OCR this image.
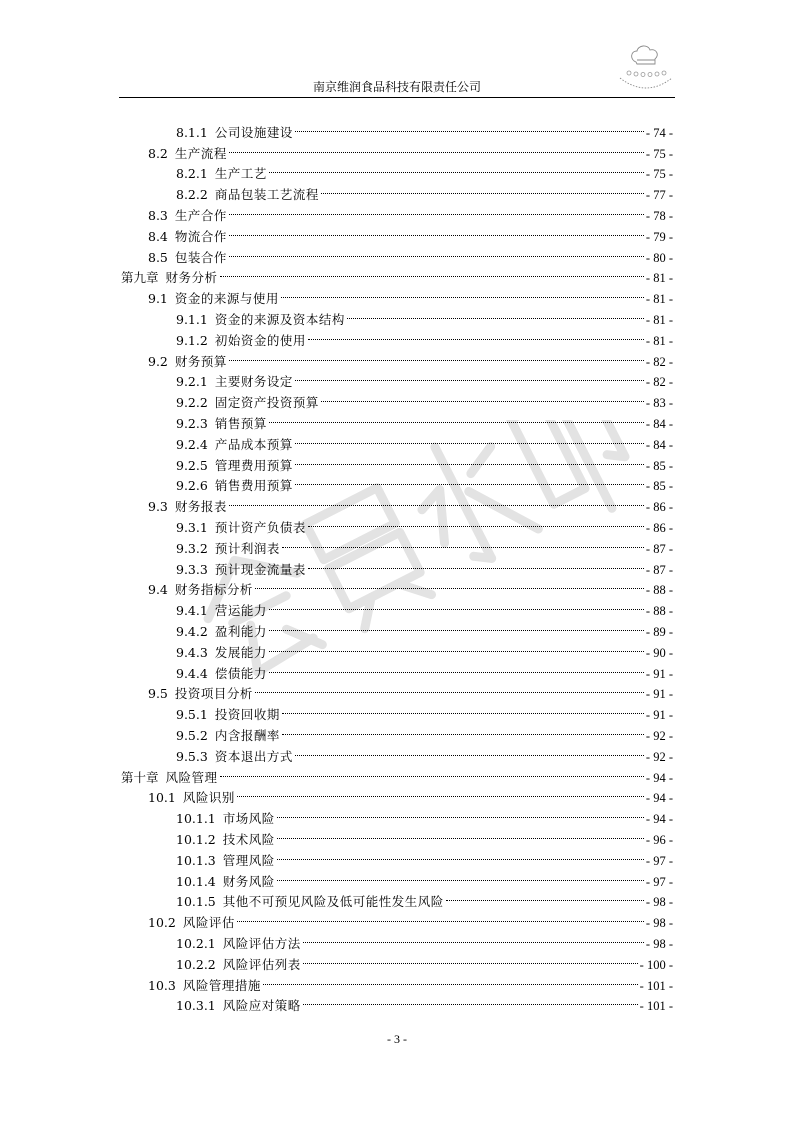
南京维润食品科技有限责任公司
8.1.1 公司设施建设	- 74 -
8.2 生产流程	- 75 -
8.2.1 生产工艺	- 75 -
8.2.2 商品包装工艺流程	- 77 -
8.3 生产合作	- 78 -
8.4 物流合作	- 79 -
8.5 包装合作	- 80 -
第九章 财务分析	- 81 -
9.1 资金的来源与使用	- 81 -
9.1.1 资金的来源及资本结构	- 81 -
9.1.2 初始资金的使用	- 81 -
9.2 财务预算	- 82 -
9.2.1 主要财务设定	- 82 -
9.2.2 固定资产投资预算	- 83 -
9.2.3 销售预算	- 84 -
9.2.4 产品成本预算	- 84 -
9.2.5 管理费用预算	- 85 -
9.2.6 销售费用预算	- 85 -
9.3 财务报表	- 86 -
9.3.1 预计资产负债表	- 86 -
9.3.2 预计利润表	- 87 -
9.3.3 预计现金流量表	- 87 -
9.4 财务指标分析	- 88 -
9.4.1 营运能力	- 88 -
9.4.2 盈利能力	- 89 -
9.4.3 发展能力	- 90 -
9.4.4 偿债能力	- 91 -
9.5 投资项目分析	- 91 -
9.5.1 投资回收期	- 91 -
9.5.2 内含报酬率	- 92 -
9.5.3 资本退出方式	- 92 -
第十章 风险管理	- 94 -
10.1 风险识别	- 94 -
10.1.1 市场风险	- 94 -
10.1.2 技术风险	- 96 -
10.1.3 管理风险	- 97 -
10.1.4 财务风险	- 97 -
10.1.5 其他不可预见风险及低可能性发生风险	- 98 -
10.2 风险评估	- 98 -
10.2.1 风险评估方法	- 98 -
10.2.2 风险评估列表	- 100 -
10.3 风险管理措施	- 101 -
10.3.1 风险应对策略	- 101 -
- 3 -
